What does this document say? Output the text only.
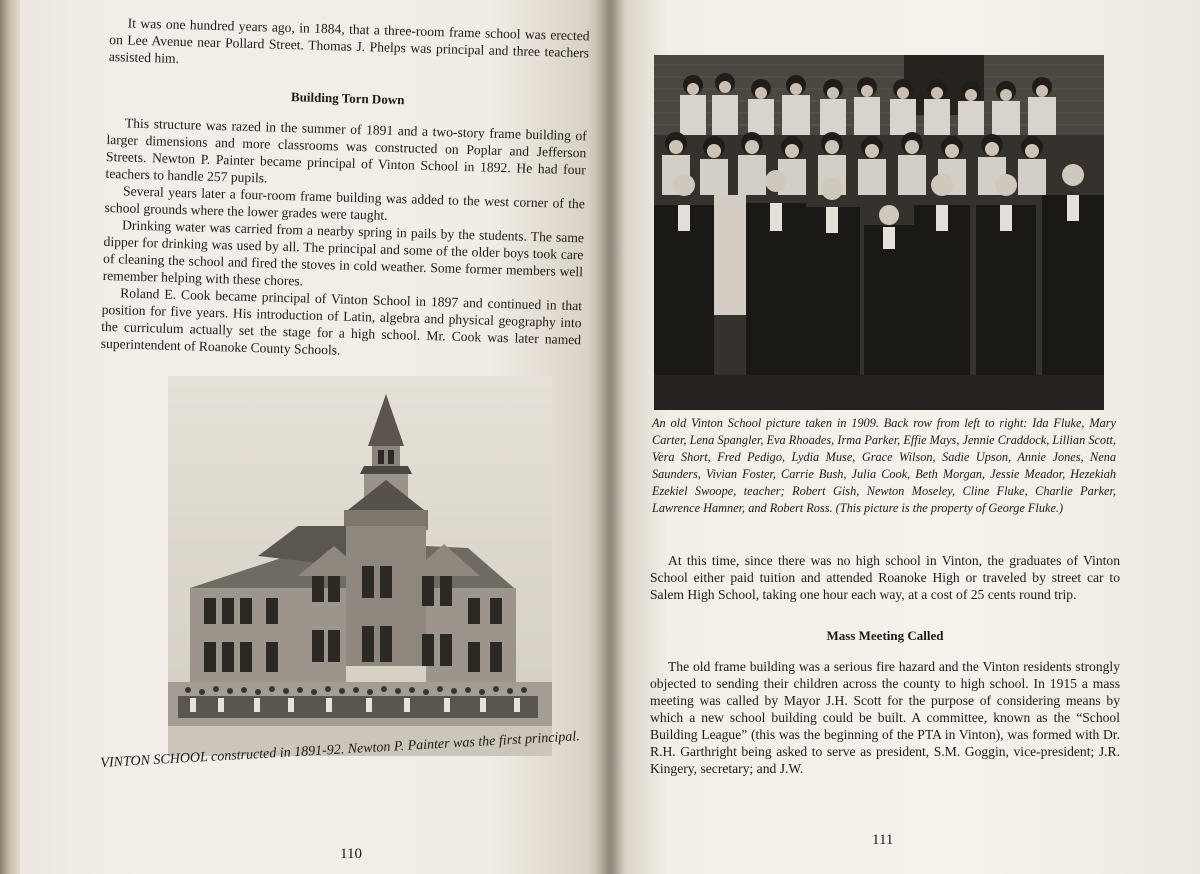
It was one hundred years ago, in 1884, that a three-room frame school was erected on Lee Avenue near Pollard Street. Thomas J. Phelps was principal and three teachers assisted him.

Building Torn Down

This structure was razed in the summer of 1891 and a two-story frame building of larger dimensions and more classrooms was constructed on Poplar and Jefferson Streets. Newton P. Painter became principal of Vinton School in 1892. He had four teachers to handle 257 pupils.

Several years later a four-room frame building was added to the west corner of the school grounds where the lower grades were taught.

Drinking water was carried from a nearby spring in pails by the students. The same dipper for drinking was used by all. The principal and some of the older boys took care of cleaning the school and fired the stoves in cold weather. Some former members well remember helping with these chores.

Roland E. Cook became principal of Vinton School in 1897 and continued in that position for five years. His introduction of Latin, algebra and physical geography into the curriculum actually set the stage for a high school. Mr. Cook was later named superintendent of Roanoke County Schools.

VINTON SCHOOL constructed in 1891-92. Newton P. Painter was the first principal.
110
An old Vinton School picture taken in 1909. Back row from left to right: Ida Fluke, Mary Carter, Lena Spangler, Eva Rhoades, Irma Parker, Effie Mays, Jennie Craddock, Lillian Scott, Vera Short, Fred Pedigo, Lydia Muse, Grace Wilson, Sadie Upson, Annie Jones, Nena Saunders, Vivian Foster, Carrie Bush, Julia Cook, Beth Morgan, Jessie Meador, Hezekiah Ezekiel Swoope, teacher; Robert Gish, Newton Moseley, Cline Fluke, Charlie Parker, Lawrence Hamner, and Robert Ross. (This picture is the property of George Fluke.)

At this time, since there was no high school in Vinton, the graduates of Vinton School either paid tuition and attended Roanoke High or traveled by street car to Salem High School, taking one hour each way, at a cost of 25 cents round trip.

Mass Meeting Called

The old frame building was a serious fire hazard and the Vinton residents strongly objected to sending their children across the county to high school. In 1915 a mass meeting was called by Mayor J.H. Scott for the purpose of considering means by which a new school building could be built. A committee, known as the “School Building League” (this was the beginning of the PTA in Vinton), was formed with Dr. R.H. Garthright being asked to serve as president, S.M. Goggin, vice-president; J.R. Kingery, secretary; and J.W.

111
